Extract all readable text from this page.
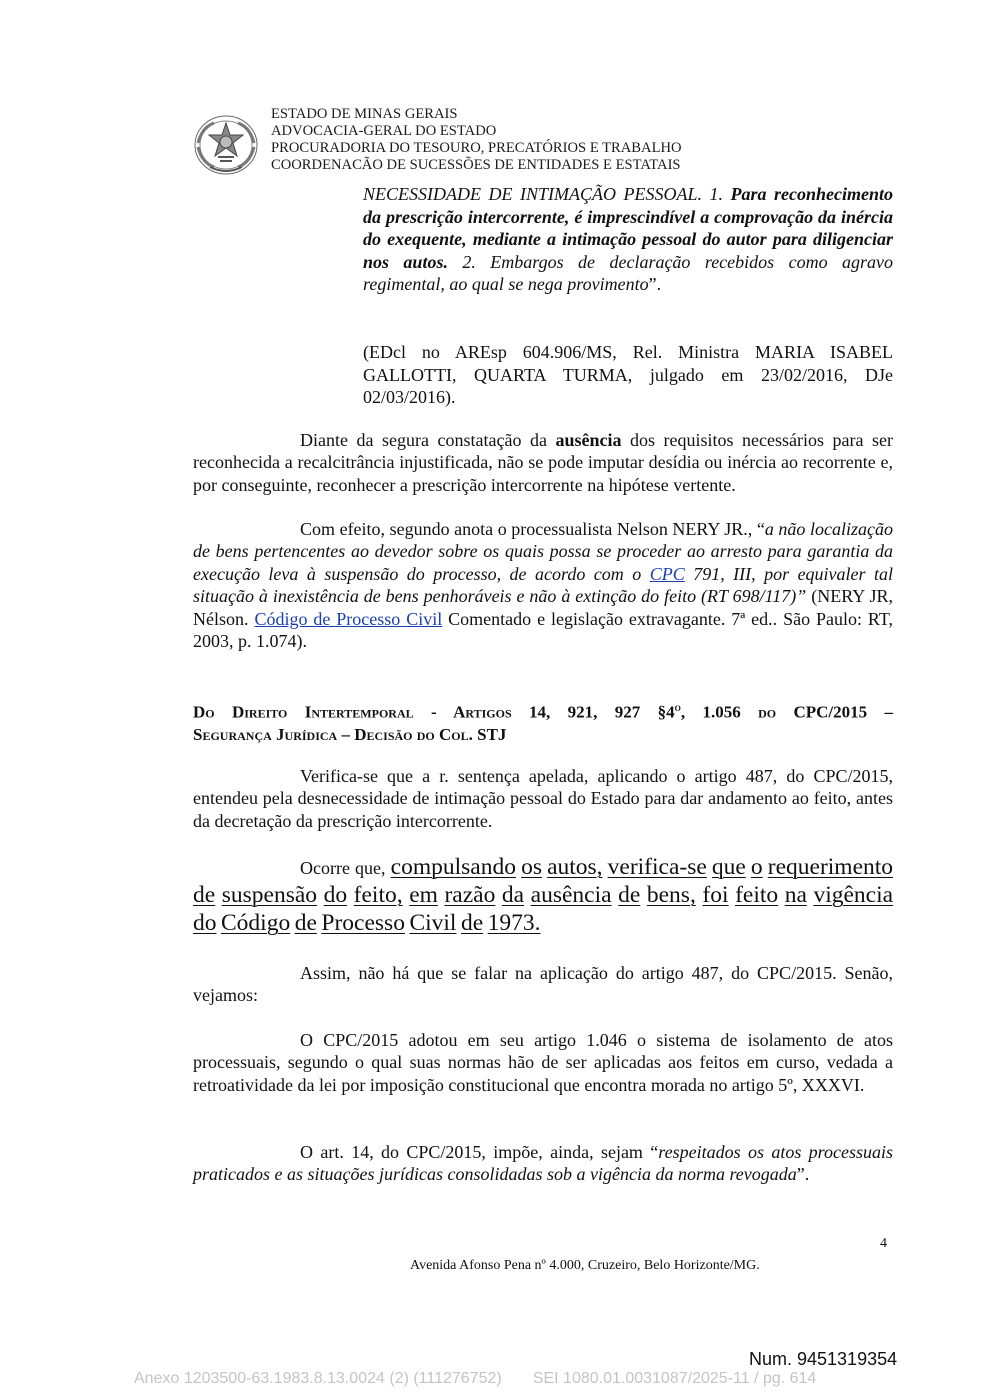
ESTADO DE MINAS GERAIS
ADVOCACIA-GERAL DO ESTADO
PROCURADORIA DO TESOURO, PRECATÓRIOS E TRABALHO
COORDENACÃO DE SUCESSÕES DE ENTIDADES E ESTATAIS
NECESSIDADE DE INTIMAÇÃO PESSOAL. 1. Para reconhecimento da prescrição intercorrente, é imprescindível a comprovação da inércia do exequente, mediante a intimação pessoal do autor para diligenciar nos autos. 2. Embargos de declaração recebidos como agravo regimental, ao qual se nega provimento”.
(EDcl no AREsp 604.906/MS, Rel. Ministra MARIA ISABEL GALLOTTI, QUARTA TURMA, julgado em 23/02/2016, DJe 02/03/2016).
Diante da segura constatação da ausência dos requisitos necessários para ser reconhecida a recalcitrância injustificada, não se pode imputar desídia ou inércia ao recorrente e, por conseguinte, reconhecer a prescrição intercorrente na hipótese vertente.
Com efeito, segundo anota o processualista Nelson NERY JR., “a não localização de bens pertencentes ao devedor sobre os quais possa se proceder ao arresto para garantia da execução leva à suspensão do processo, de acordo com o CPC 791, III, por equivaler tal situação à inexistência de bens penhoráveis e não à extinção do feito (RT 698/117)” (NERY JR, Nélson. Código de Processo Civil Comentado e legislação extravagante. 7ª ed.. São Paulo: RT, 2003, p. 1.074).
Do Direito Intertemporal - Artigos 14, 921, 927 §4$^o$, 1.056 do CPC/2015 –
Segurança Jurídica – Decisão do Col. STJ
Verifica-se que a r. sentença apelada, aplicando o artigo 487, do CPC/2015, entendeu pela desnecessidade de intimação pessoal do Estado para dar andamento ao feito, antes da decretação da prescrição intercorrente.
Ocorre que, compulsando os autos, verifica-se que o requerimento de suspensão do feito, em razão da ausência de bens, foi feito na vigência do Código de Processo Civil de 1973.
Assim, não há que se falar na aplicação do artigo 487, do CPC/2015. Senão, vejamos:
O CPC/2015 adotou em seu artigo 1.046 o sistema de isolamento de atos processuais, segundo o qual suas normas hão de ser aplicadas aos feitos em curso, vedada a retroatividade da lei por imposição constitucional que encontra morada no artigo 5º, XXXVI.
O art. 14, do CPC/2015, impõe, ainda, sejam “respeitados os atos processuais praticados e as situações jurídicas consolidadas sob a vigência da norma revogada”.
4
Avenida Afonso Pena nº 4.000, Cruzeiro, Belo Horizonte/MG.
Num. 9451319354
Anexo 1203500-63.1983.8.13.0024 (2) (111276752)       SEI 1080.01.0031087/2025-11 / pg. 614
